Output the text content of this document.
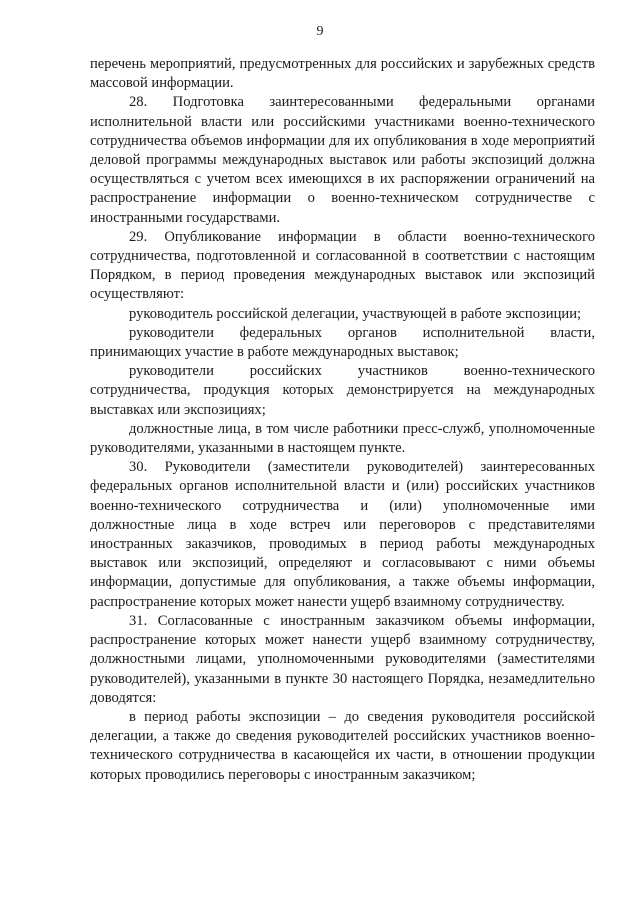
9

перечень мероприятий, предусмотренных для российских и зарубежных средств массовой информации.

28. Подготовка заинтересованными федеральными органами исполнительной власти или российскими участниками военно-технического сотрудничества объемов информации для их опубликования в ходе мероприятий деловой программы международных выставок или работы экспозиций должна осуществляться с учетом всех имеющихся в их распоряжении ограничений на распространение информации о военно-техническом сотрудничестве с иностранными государствами.

29. Опубликование информации в области военно-технического сотрудничества, подготовленной и согласованной в соответствии с настоящим Порядком, в период проведения международных выставок или экспозиций осуществляют:

руководитель российской делегации, участвующей в работе экспозиции;

руководители федеральных органов исполнительной власти, принимающих участие в работе международных выставок;

руководители российских участников военно-технического сотрудничества, продукция которых демонстрируется на международных выставках или экспозициях;

должностные лица, в том числе работники пресс-служб, уполномоченные руководителями, указанными в настоящем пункте.

30. Руководители (заместители руководителей) заинтересованных федеральных органов исполнительной власти и (или) российских участников военно-технического сотрудничества и (или) уполномоченные ими должностные лица в ходе встреч или переговоров с представителями иностранных заказчиков, проводимых в период работы международных выставок или экспозиций, определяют и согласовывают с ними объемы информации, допустимые для опубликования, а также объемы информации, распространение которых может нанести ущерб взаимному сотрудничеству.

31. Согласованные с иностранным заказчиком объемы информации, распространение которых может нанести ущерб взаимному сотрудничеству, должностными лицами, уполномоченными руководителями (заместителями руководителей), указанными в пункте 30 настоящего Порядка, незамедлительно доводятся:

в период работы экспозиции – до сведения руководителя российской делегации, а также до сведения руководителей российских участников военно-технического сотрудничества в касающейся их части, в отношении продукции которых проводились переговоры с иностранным заказчиком;
